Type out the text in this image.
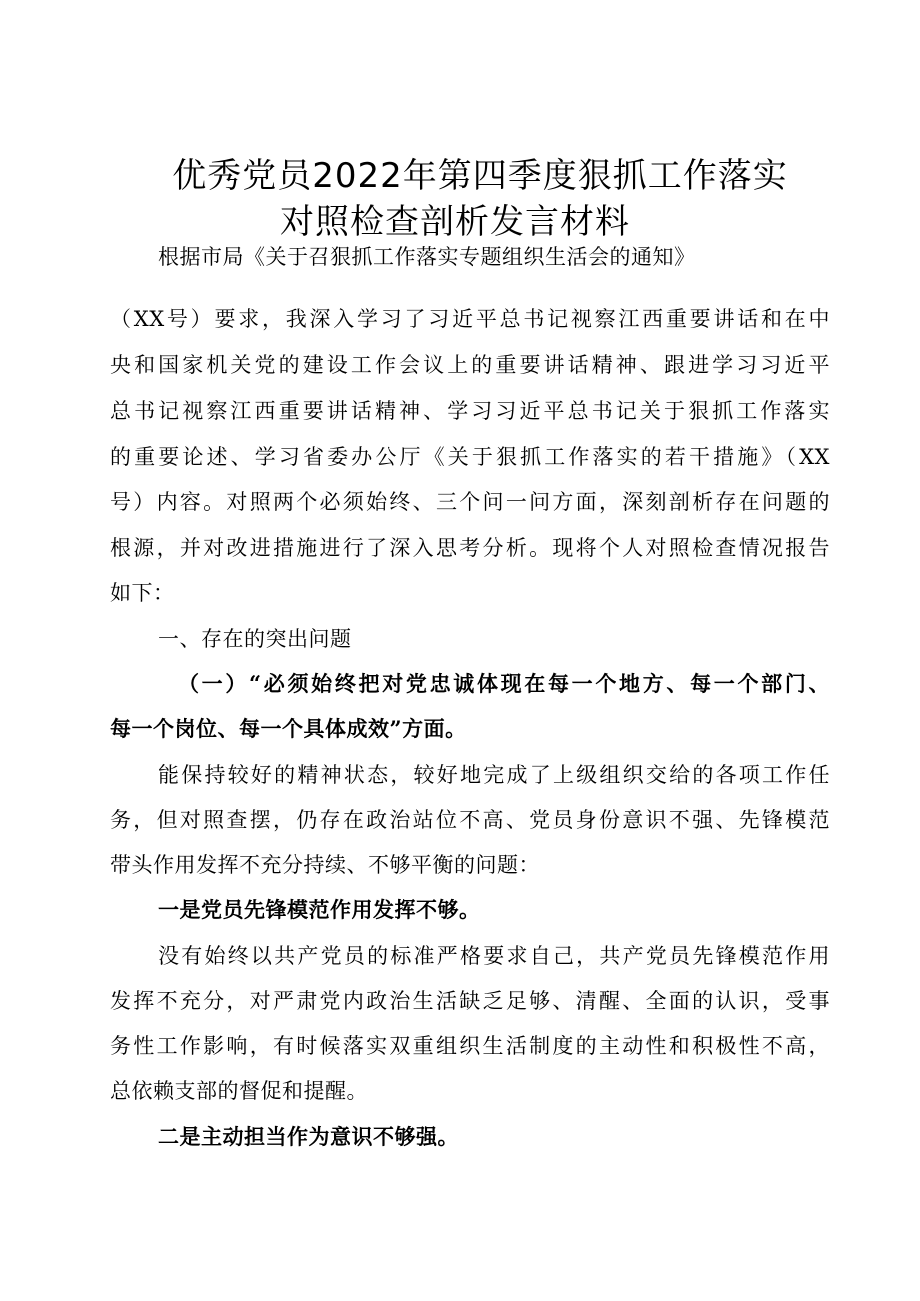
优秀党员2022年第四季度狠抓工作落实
对照检查剖析发言材料
根据市局《关于召狠抓工作落实专题组织生活会的通知》
（XX号）要求，我深入学习了习近平总书记视察江西重要讲话和在中
央和国家机关党的建设工作会议上的重要讲话精神、跟进学习习近平
总书记视察江西重要讲话精神、学习习近平总书记关于狠抓工作落实
的重要论述、学习省委办公厅《关于狠抓工作落实的若干措施》（XX
号）内容。对照两个必须始终、三个问一问方面，深刻剖析存在问题的
根源，并对改进措施进行了深入思考分析。现将个人对照检查情况报告
如下：
一、存在的突出问题
（一）“必须始终把对党忠诚体现在每一个地方、每一个部门、
每一个岗位、每一个具体成效”方面。
能保持较好的精神状态，较好地完成了上级组织交给的各项工作任
务，但对照查摆，仍存在政治站位不高、党员身份意识不强、先锋模范
带头作用发挥不充分持续、不够平衡的问题：
一是党员先锋模范作用发挥不够。
没有始终以共产党员的标准严格要求自己，共产党员先锋模范作用
发挥不充分，对严肃党内政治生活缺乏足够、清醒、全面的认识，受事
务性工作影响，有时候落实双重组织生活制度的主动性和积极性不高，
总依赖支部的督促和提醒。
二是主动担当作为意识不够强。
